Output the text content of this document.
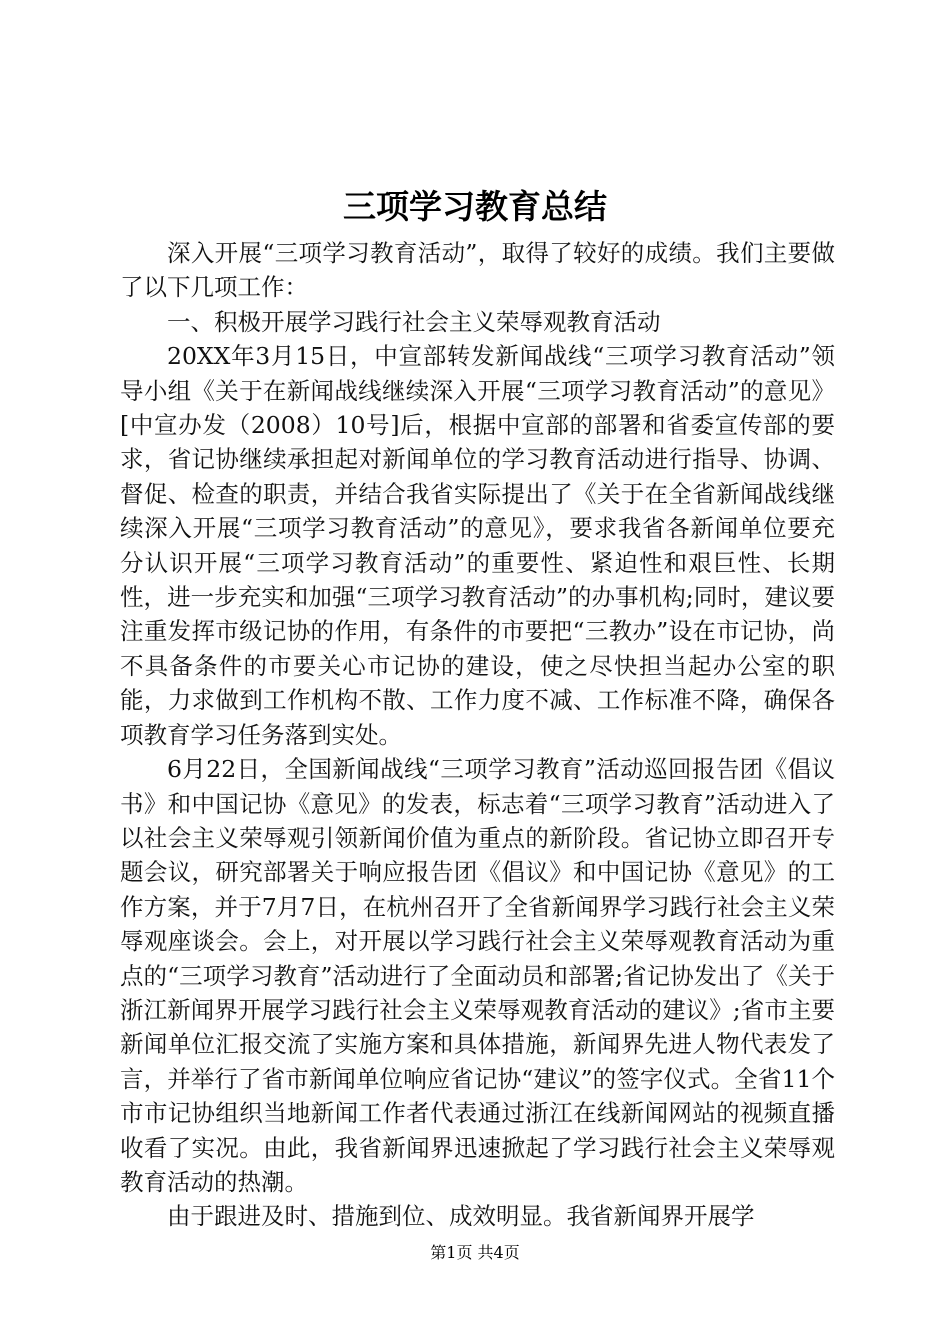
三项学习教育总结

深入开展“三项学习教育活动”，取得了较好的成绩。我们主要做了以下几项工作：

一、积极开展学习践行社会主义荣辱观教育活动

20XX年3月15日，中宣部转发新闻战线“三项学习教育活动”领导小组《关于在新闻战线继续深入开展“三项学习教育活动”的意见》[中宣办发（2008）10号]后，根据中宣部的部署和省委宣传部的要求，省记协继续承担起对新闻单位的学习教育活动进行指导、协调、督促、检查的职责，并结合我省实际提出了《关于在全省新闻战线继续深入开展“三项学习教育活动”的意见》，要求我省各新闻单位要充分认识开展“三项学习教育活动”的重要性、紧迫性和艰巨性、长期性，进一步充实和加强“三项学习教育活动”的办事机构;同时，建议要注重发挥市级记协的作用，有条件的市要把“三教办”设在市记协，尚不具备条件的市要关心市记协的建设，使之尽快担当起办公室的职能，力求做到工作机构不散、工作力度不减、工作标准不降，确保各项教育学习任务落到实处。

6月22日，全国新闻战线“三项学习教育”活动巡回报告团《倡议书》和中国记协《意见》的发表，标志着“三项学习教育”活动进入了以社会主义荣辱观引领新闻价值为重点的新阶段。省记协立即召开专题会议，研究部署关于响应报告团《倡议》和中国记协《意见》的工作方案，并于7月7日，在杭州召开了全省新闻界学习践行社会主义荣辱观座谈会。会上，对开展以学习践行社会主义荣辱观教育活动为重点的“三项学习教育”活动进行了全面动员和部署;省记协发出了《关于浙江新闻界开展学习践行社会主义荣辱观教育活动的建议》;省市主要新闻单位汇报交流了实施方案和具体措施，新闻界先进人物代表发了言，并举行了省市新闻单位响应省记协“建议”的签字仪式。全省11个市市记协组织当地新闻工作者代表通过浙江在线新闻网站的视频直播收看了实况。由此，我省新闻界迅速掀起了学习践行社会主义荣辱观教育活动的热潮。

由于跟进及时、措施到位、成效明显。我省新闻界开展学

第1页 共4页
